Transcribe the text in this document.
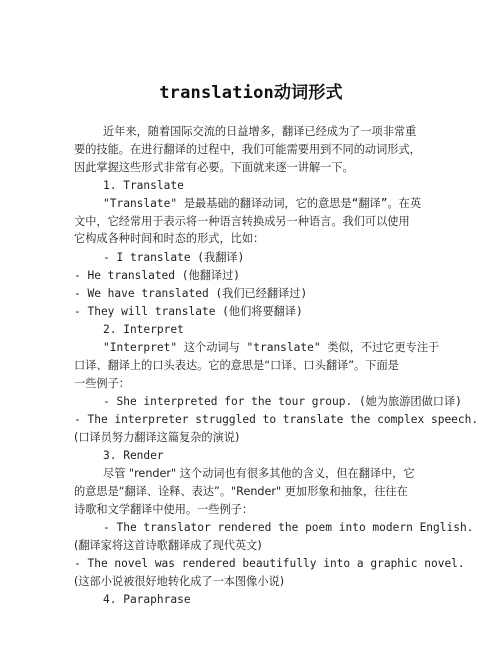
translation动词形式
近年来，随着国际交流的日益增多，翻译已经成为了一项非常重
要的技能。在进行翻译的过程中，我们可能需要用到不同的动词形式，
因此掌握这些形式非常有必要。下面就来逐一讲解一下。
1. Translate
"Translate" 是最基础的翻译动词，它的意思是“翻译”。在英
文中，它经常用于表示将一种语言转换成另一种语言。我们可以使用
它构成各种时间和时态的形式，比如：
- I translate (我翻译)
- He translated (他翻译过)
- We have translated (我们已经翻译过)
- They will translate (他们将要翻译)
2. Interpret
"Interpret" 这个动词与 "translate" 类似，不过它更专注于
口译、翻译上的口头表达。它的意思是“口译、口头翻译”。下面是
一些例子：
- She interpreted for the tour group. (她为旅游团做口译)
- The interpreter struggled to translate the complex speech.
(口译员努力翻译这篇复杂的演说)
3. Render
尽管 "render" 这个动词也有很多其他的含义，但在翻译中，它
的意思是“翻译、诠释、表达”。"Render" 更加形象和抽象，往往在
诗歌和文学翻译中使用。一些例子：
- The translator rendered the poem into modern English.
(翻译家将这首诗歌翻译成了现代英文)
- The novel was rendered beautifully into a graphic novel.
(这部小说被很好地转化成了一本图像小说)
4. Paraphrase
